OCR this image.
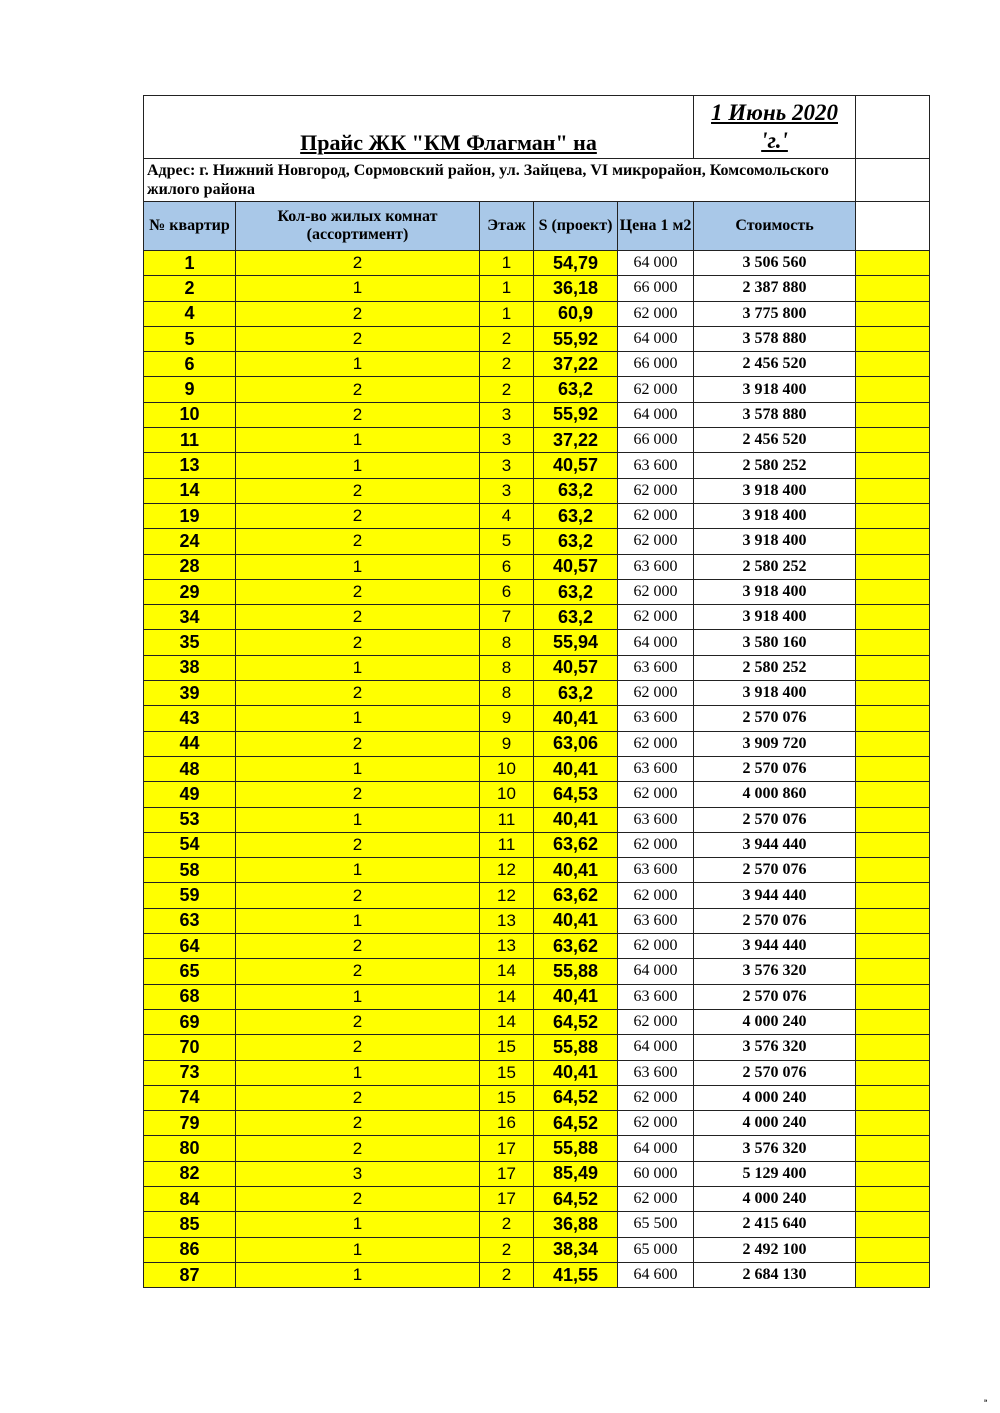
Прайс ЖК "КМ Флагман" на					1 Июнь 2020
'г.'	

Адрес: г. Нижний Новгород, Сормовский район, ул. Зайцева, VI микрорайон, Комсомольского жилого района						
№ квартир	Кол-во жилых комнат (ассортимент)	Этаж	S (проект)	Цена 1 м2	Стоимость	
1	2	1	54,79	64 000	3 506 560	
2	1	1	36,18	66 000	2 387 880	
4	2	1	60,9	62 000	3 775 800	
5	2	2	55,92	64 000	3 578 880	
6	1	2	37,22	66 000	2 456 520	
9	2	2	63,2	62 000	3 918 400	
10	2	3	55,92	64 000	3 578 880	
11	1	3	37,22	66 000	2 456 520	
13	1	3	40,57	63 600	2 580 252	
14	2	3	63,2	62 000	3 918 400	
19	2	4	63,2	62 000	3 918 400	
24	2	5	63,2	62 000	3 918 400	
28	1	6	40,57	63 600	2 580 252	
29	2	6	63,2	62 000	3 918 400	
34	2	7	63,2	62 000	3 918 400	
35	2	8	55,94	64 000	3 580 160	
38	1	8	40,57	63 600	2 580 252	
39	2	8	63,2	62 000	3 918 400	
43	1	9	40,41	63 600	2 570 076	
44	2	9	63,06	62 000	3 909 720	
48	1	10	40,41	63 600	2 570 076	
49	2	10	64,53	62 000	4 000 860	
53	1	11	40,41	63 600	2 570 076	
54	2	11	63,62	62 000	3 944 440	
58	1	12	40,41	63 600	2 570 076	
59	2	12	63,62	62 000	3 944 440	
63	1	13	40,41	63 600	2 570 076	
64	2	13	63,62	62 000	3 944 440	
65	2	14	55,88	64 000	3 576 320	
68	1	14	40,41	63 600	2 570 076	
69	2	14	64,52	62 000	4 000 240	
70	2	15	55,88	64 000	3 576 320	
73	1	15	40,41	63 600	2 570 076	
74	2	15	64,52	62 000	4 000 240	
79	2	16	64,52	62 000	4 000 240	
80	2	17	55,88	64 000	3 576 320	
82	3	17	85,49	60 000	5 129 400	
84	2	17	64,52	62 000	4 000 240	
85	1	2	36,88	65 500	2 415 640	
86	1	2	38,34	65 000	2 492 100	
87	1	2	41,55	64 600	2 684 130	
⁍
